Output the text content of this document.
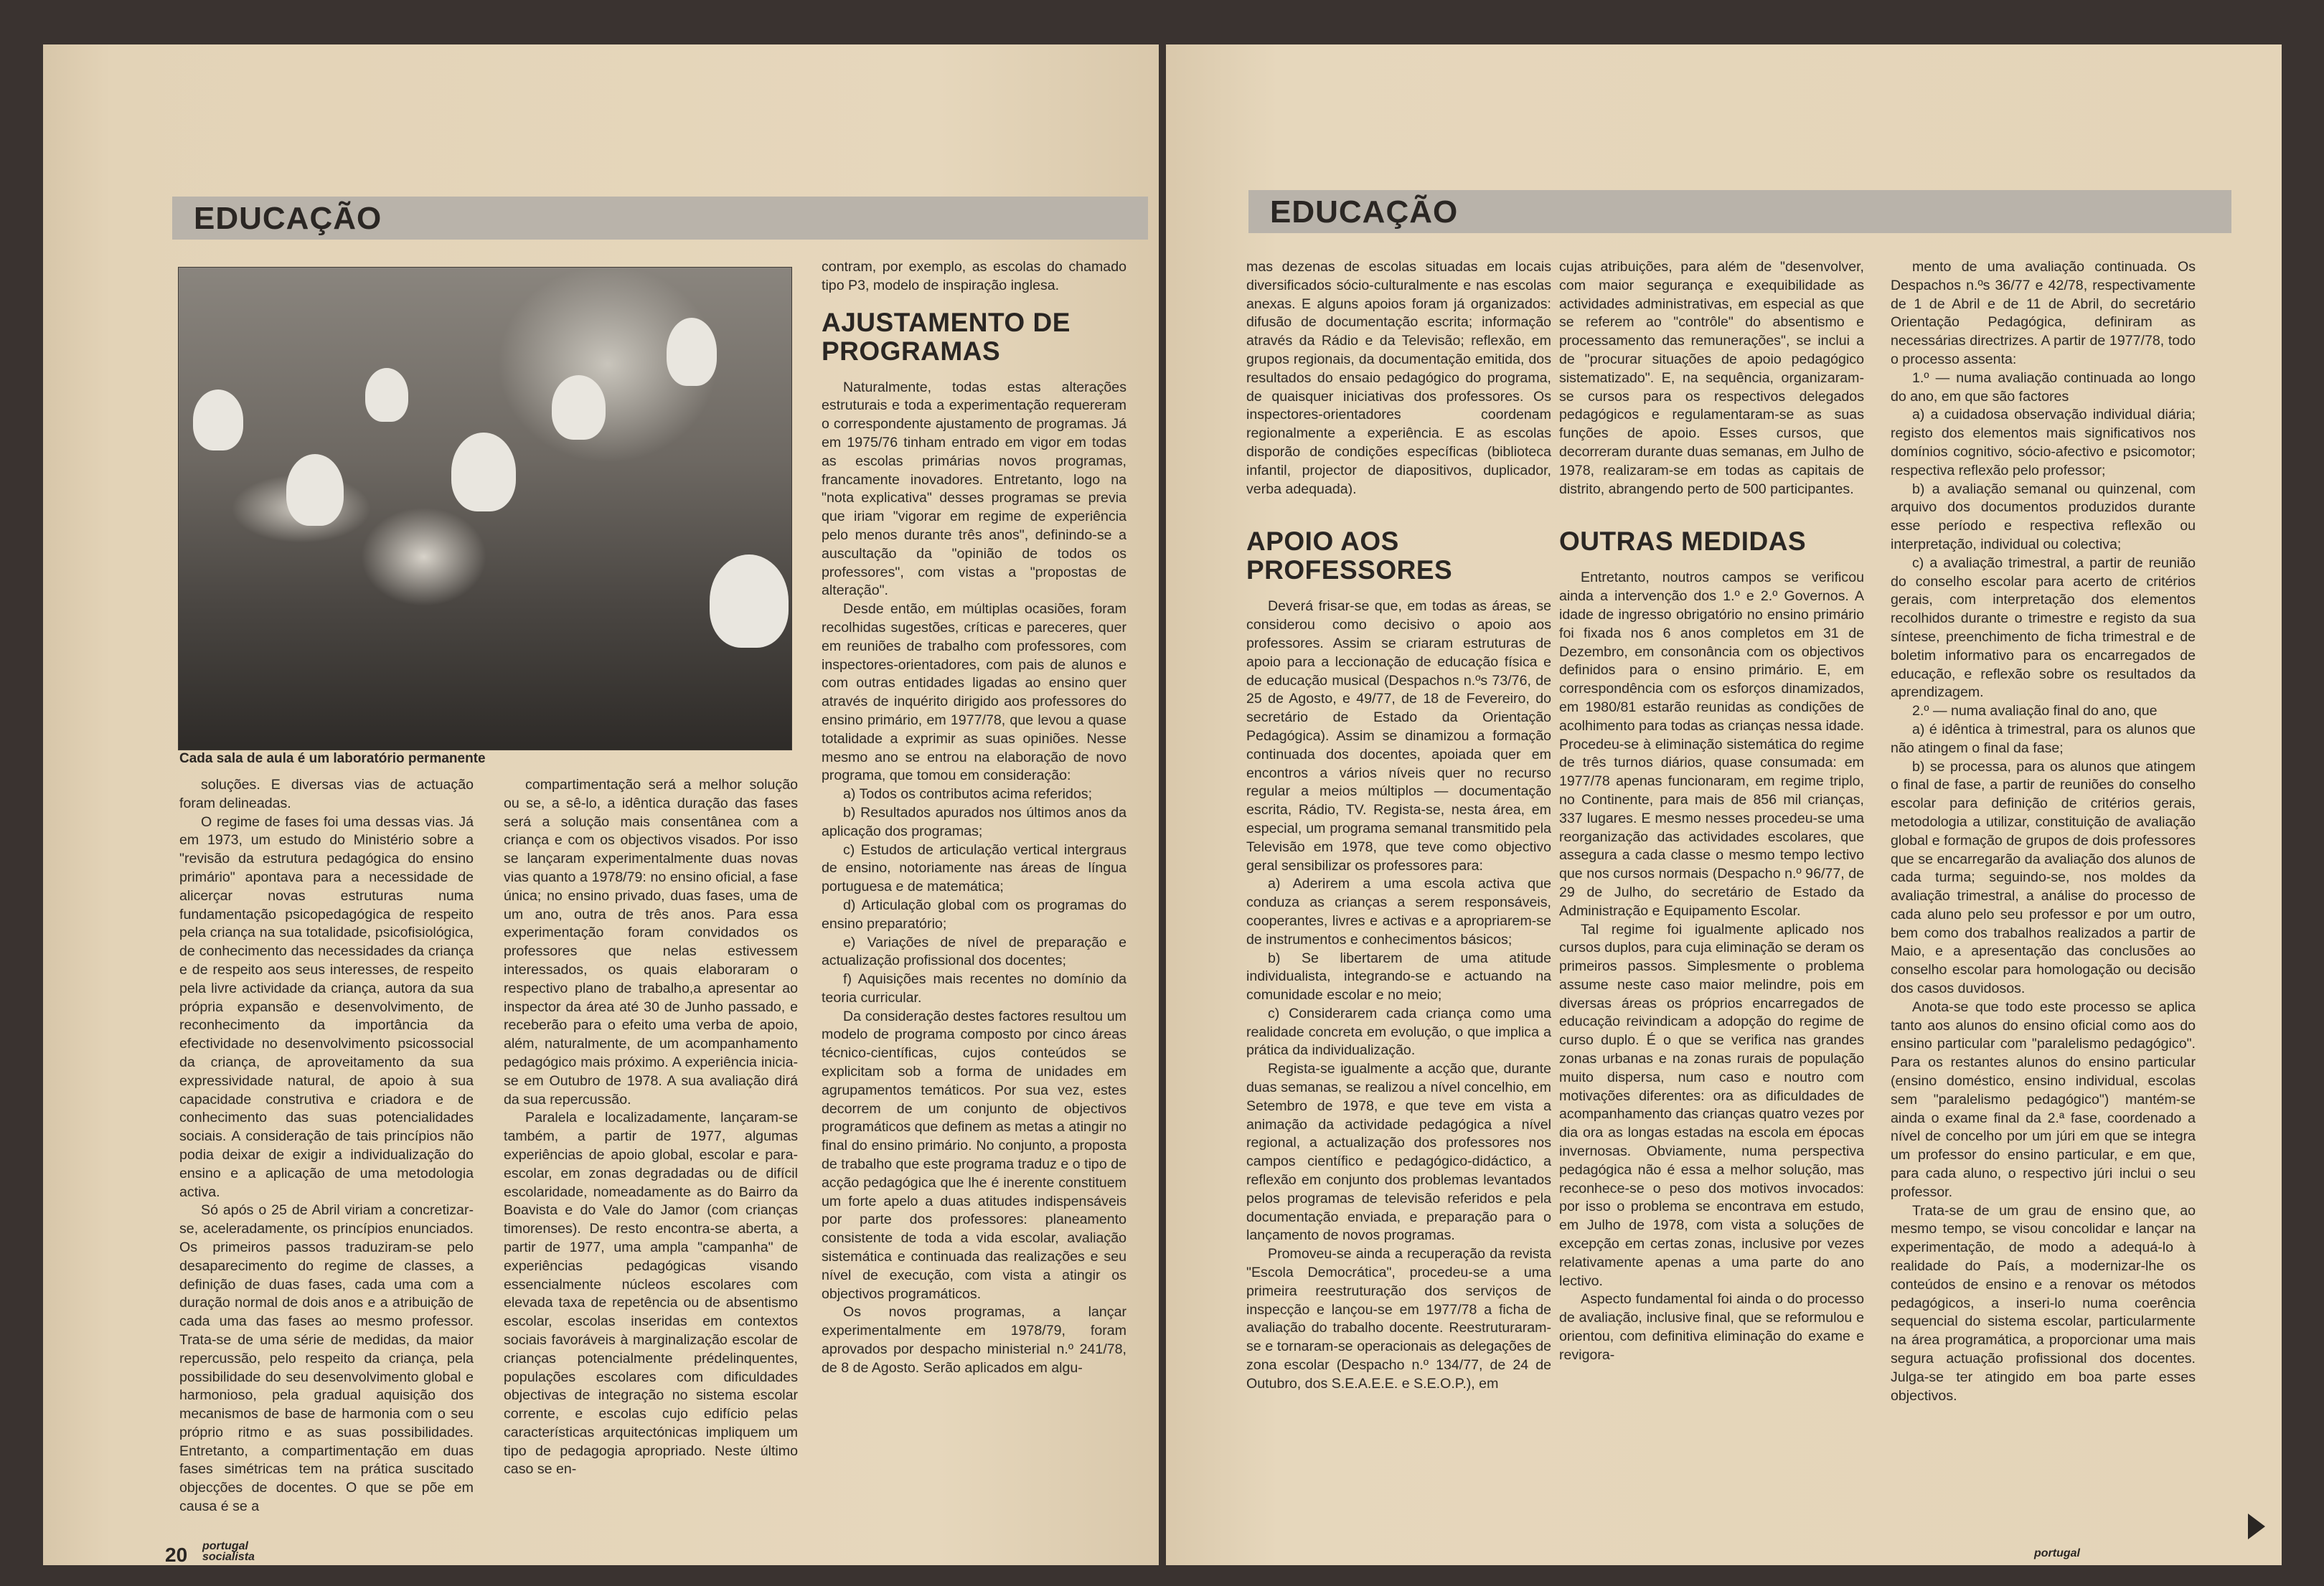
EDUCAÇÃO
Cada sala de aula é um laboratório permanente

soluções. E diversas vias de actuação foram delineadas.

O regime de fases foi uma dessas vias. Já em 1973, um estudo do Ministério sobre a "revisão da estrutura pedagógica do ensino primário" apontava para a necessidade de alicerçar novas estruturas numa fundamentação psicopedagógica de respeito pela criança na sua totalidade, psicofisiológica, de conhecimento das necessidades da criança e de respeito aos seus interesses, de respeito pela livre actividade da criança, autora da sua própria expansão e desenvolvimento, de reconhecimento da importância da efectividade no desenvolvimento psicossocial da criança, de aproveitamento da sua expressividade natural, de apoio à sua capacidade construtiva e criadora e de conhecimento das suas potencialidades sociais. A consideração de tais princípios não podia deixar de exigir a individualização do ensino e a aplicação de uma metodologia activa.

Só após o 25 de Abril viriam a concretizar-se, aceleradamente, os princípios enunciados. Os primeiros passos traduziram-se pelo desaparecimento do regime de classes, a definição de duas fases, cada uma com a duração normal de dois anos e a atribuição de cada uma das fases ao mesmo professor. Trata-se de uma série de medidas, da maior repercussão, pelo respeito da criança, pela possibilidade do seu desenvolvimento global e harmonioso, pela gradual aquisição dos mecanismos de base de harmonia com o seu próprio ritmo e as suas possibilidades. Entretanto, a compartimentação em duas fases simétricas tem na prática suscitado objecções de docentes. O que se põe em causa é se a

compartimentação será a melhor solução ou se, a sê-lo, a idêntica duração das fases será a solução mais consentânea com a criança e com os objectivos visados. Por isso se lançaram experimentalmente duas novas vias quanto a 1978/79: no ensino oficial, a fase única; no ensino privado, duas fases, uma de um ano, outra de três anos. Para essa experimentação foram convidados os professores que nelas estivessem interessados, os quais elaboraram o respectivo plano de trabalho,a apresentar ao inspector da área até 30 de Junho passado, e receberão para o efeito uma verba de apoio, além, naturalmente, de um acompanhamento pedagógico mais próximo. A experiência inicia-se em Outubro de 1978. A sua avaliação dirá da sua repercussão.

Paralela e localizadamente, lançaram-se também, a partir de 1977, algumas experiências de apoio global, escolar e para-escolar, em zonas degradadas ou de difícil escolaridade, nomeadamente as do Bairro da Boavista e do Vale do Jamor (com crianças timorenses). De resto encontra-se aberta, a partir de 1977, uma ampla "campanha" de experiências pedagógicas visando essencialmente núcleos escolares com elevada taxa de repetência ou de absentismo escolar, escolas inseridas em contextos sociais favoráveis à marginalização escolar de crianças potencialmente prédelinquentes, populações escolares com dificuldades objectivas de integração no sistema escolar corrente, e escolas cujo edifício pelas características arquitectónicas impliquem um tipo de pedagogia apropriado. Neste último caso se en-

contram, por exemplo, as escolas do chamado tipo P3, modelo de inspiração inglesa.

AJUSTAMENTO DE PROGRAMAS

Naturalmente, todas estas alterações estruturais e toda a experimentação requereram o correspondente ajustamento de programas. Já em 1975/76 tinham entrado em vigor em todas as escolas primárias novos programas, francamente inovadores. Entretanto, logo na "nota explicativa" desses programas se previa que iriam "vigorar em regime de experiência pelo menos durante três anos", definindo-se a auscultação da "opinião de todos os professores", com vistas a "propostas de alteração".

Desde então, em múltiplas ocasiões, foram recolhidas sugestões, críticas e pareceres, quer em reuniões de trabalho com professores, com inspectores-orientadores, com pais de alunos e com outras entidades ligadas ao ensino quer através de inquérito dirigido aos professores do ensino primário, em 1977/78, que levou a quase totalidade a exprimir as suas opiniões. Nesse mesmo ano se entrou na elaboração de novo programa, que tomou em consideração:

a) Todos os contributos acima referidos;

b) Resultados apurados nos últimos anos da aplicação dos programas;

c) Estudos de articulação vertical intergraus de ensino, notoriamente nas áreas de língua portuguesa e de matemática;

d) Articulação global com os programas do ensino preparatório;

e) Variações de nível de preparação e actualização profissional dos docentes;

f) Aquisições mais recentes no domínio da teoria curricular.

Da consideração destes factores resultou um modelo de programa composto por cinco áreas técnico-científicas, cujos conteúdos se explicitam sob a forma de unidades em agrupamentos temáticos. Por sua vez, estes decorrem de um conjunto de objectivos programáticos que definem as metas a atingir no final do ensino primário. No conjunto, a proposta de trabalho que este programa traduz e o tipo de acção pedagógica que lhe é inerente constituem um forte apelo a duas atitudes indispensáveis por parte dos professores: planeamento consistente de toda a vida escolar, avaliação sistemática e continuada das realizações e seu nível de execução, com vista a atingir os objectivos programáticos.

Os novos programas, a lançar experimentalmente em 1978/79, foram aprovados por despacho ministerial n.º 241/78, de 8 de Agosto. Serão aplicados em algu-

20 portugal socialista
EDUCAÇÃO

mas dezenas de escolas situadas em locais diversificados sócio-culturalmente e nas escolas anexas. E alguns apoios foram já organizados: difusão de documentação escrita; informação através da Rádio e da Televisão; reflexão, em grupos regionais, da documentação emitida, dos resultados do ensaio pedagógico do programa, de quaisquer iniciativas dos professores. Os inspectores-orientadores coordenam regionalmente a experiência. E as escolas disporão de condições específicas (biblioteca infantil, projector de diapositivos, duplicador, verba adequada).

APOIO AOS PROFESSORES

Deverá frisar-se que, em todas as áreas, se considerou como decisivo o apoio aos professores. Assim se criaram estruturas de apoio para a leccionação de educação física e de educação musical (Despachos n.ºs 73/76, de 25 de Agosto, e 49/77, de 18 de Fevereiro, do secretário de Estado da Orientação Pedagógica). Assim se dinamizou a formação continuada dos docentes, apoiada quer em encontros a vários níveis quer no recurso regular a meios múltiplos — documentação escrita, Rádio, TV. Regista-se, nesta área, em especial, um programa semanal transmitido pela Televisão em 1978, que teve como objectivo geral sensibilizar os professores para:

a) Aderirem a uma escola activa que conduza as crianças a serem responsáveis, cooperantes, livres e activas e a apropriarem-se de instrumentos e conhecimentos básicos;

b) Se libertarem de uma atitude individualista, integrando-se e actuando na comunidade escolar e no meio;

c) Considerarem cada criança como uma realidade concreta em evolução, o que implica a prática da individualização.

Regista-se igualmente a acção que, durante duas semanas, se realizou a nível concelhio, em Setembro de 1978, e que teve em vista a animação da actividade pedagógica a nível regional, a actualização dos professores nos campos científico e pedagógico-didáctico, a reflexão em conjunto dos problemas levantados pelos programas de televisão referidos e pela documentação enviada, e preparação para o lançamento de novos programas.

Promoveu-se ainda a recuperação da revista "Escola Democrática", procedeu-se a uma primeira reestruturação dos serviços de inspecção e lançou-se em 1977/78 a ficha de avaliação do trabalho docente. Reestruturaram-se e tornaram-se operacionais as delegações de zona escolar (Despacho n.º 134/77, de 24 de Outubro, dos S.E.A.E.E. e S.E.O.P.), em

cujas atribuições, para além de "desenvolver, com maior segurança e exequibilidade as actividades administrativas, em especial as que se referem ao "contrôle" do absentismo e processamento das remunerações", se inclui a de "procurar situações de apoio pedagógico sistematizado". E, na sequência, organizaram-se cursos para os respectivos delegados pedagógicos e regulamentaram-se as suas funções de apoio. Esses cursos, que decorreram durante duas semanas, em Julho de 1978, realizaram-se em todas as capitais de distrito, abrangendo perto de 500 participantes.

OUTRAS MEDIDAS

Entretanto, noutros campos se verificou ainda a intervenção dos 1.º e 2.º Governos. A idade de ingresso obrigatório no ensino primário foi fixada nos 6 anos completos em 31 de Dezembro, em consonância com os objectivos definidos para o ensino primário. E, em correspondência com os esforços dinamizados, em 1980/81 estarão reunidas as condições de acolhimento para todas as crianças nessa idade. Procedeu-se à eliminação sistemática do regime de três turnos diários, quase consumada: em 1977/78 apenas funcionaram, em regime triplo, no Continente, para mais de 856 mil crianças, 337 lugares. E mesmo nesses procedeu-se uma reorganização das actividades escolares, que assegura a cada classe o mesmo tempo lectivo que nos cursos normais (Despacho n.º 96/77, de 29 de Julho, do secretário de Estado da Administração e Equipamento Escolar.

Tal regime foi igualmente aplicado nos cursos duplos, para cuja eliminação se deram os primeiros passos. Simplesmente o problema assume neste caso maior melindre, pois em diversas áreas os próprios encarregados de educação reivindicam a adopção do regime de curso duplo. É o que se verifica nas grandes zonas urbanas e na zonas rurais de população muito dispersa, num caso e noutro com motivações diferentes: ora as dificuldades de acompanhamento das crianças quatro vezes por dia ora as longas estadas na escola em épocas invernosas. Obviamente, numa perspectiva pedagógica não é essa a melhor solução, mas reconhece-se o peso dos motivos invocados: por isso o problema se encontrava em estudo, em Julho de 1978, com vista a soluções de excepção em certas zonas, inclusive por vezes relativamente apenas a uma parte do ano lectivo.

Aspecto fundamental foi ainda o do processo de avaliação, inclusive final, que se reformulou e orientou, com definitiva eliminação do exame e revigora-

mento de uma avaliação continuada. Os Despachos n.ºs 36/77 e 42/78, respectivamente de 1 de Abril e de 11 de Abril, do secretário Orientação Pedagógica, definiram as necessárias directrizes. A partir de 1977/78, todo o processo assenta:

1.º — numa avaliação continuada ao longo do ano, em que são factores

a) a cuidadosa observação individual diária; registo dos elementos mais significativos nos domínios cognitivo, sócio-afectivo e psicomotor; respectiva reflexão pelo professor;

b) a avaliação semanal ou quinzenal, com arquivo dos documentos produzidos durante esse período e respectiva reflexão ou interpretação, individual ou colectiva;

c) a avaliação trimestral, a partir de reunião do conselho escolar para acerto de critérios gerais, com interpretação dos elementos recolhidos durante o trimestre e registo da sua síntese, preenchimento de ficha trimestral e de boletim informativo para os encarregados de educação, e reflexão sobre os resultados da aprendizagem.

2.º — numa avaliação final do ano, que

a) é idêntica à trimestral, para os alunos que não atingem o final da fase;

b) se processa, para os alunos que atingem o final de fase, a partir de reuniões do conselho escolar para definição de critérios gerais, metodologia a utilizar, constituição de avaliação global e formação de grupos de dois professores que se encarregarão da avaliação dos alunos de cada turma; seguindo-se, nos moldes da avaliação trimestral, a análise do processo de cada aluno pelo seu professor e por um outro, bem como dos trabalhos realizados a partir de Maio, e a apresentação das conclusões ao conselho escolar para homologação ou decisão dos casos duvidosos.

Anota-se que todo este processo se aplica tanto aos alunos do ensino oficial como aos do ensino particular com "paralelismo pedagógico". Para os restantes alunos do ensino particular (ensino doméstico, ensino individual, escolas sem "paralelismo pedagógico") mantém-se ainda o exame final da 2.ª fase, coordenado a nível de concelho por um júri em que se integra um professor do ensino particular, e em que, para cada aluno, o respectivo júri inclui o seu professor.

Trata-se de um grau de ensino que, ao mesmo tempo, se visou concolidar e lançar na experimentação, de modo a adequá-lo à realidade do País, a modernizar-lhe os conteúdos de ensino e a renovar os métodos pedagógicos, a inseri-lo numa coerência sequencial do sistema escolar, particularmente na área programática, a proporcionar uma mais segura actuação profissional dos docentes. Julga-se ter atingido em boa parte esses objectivos.

portugal
